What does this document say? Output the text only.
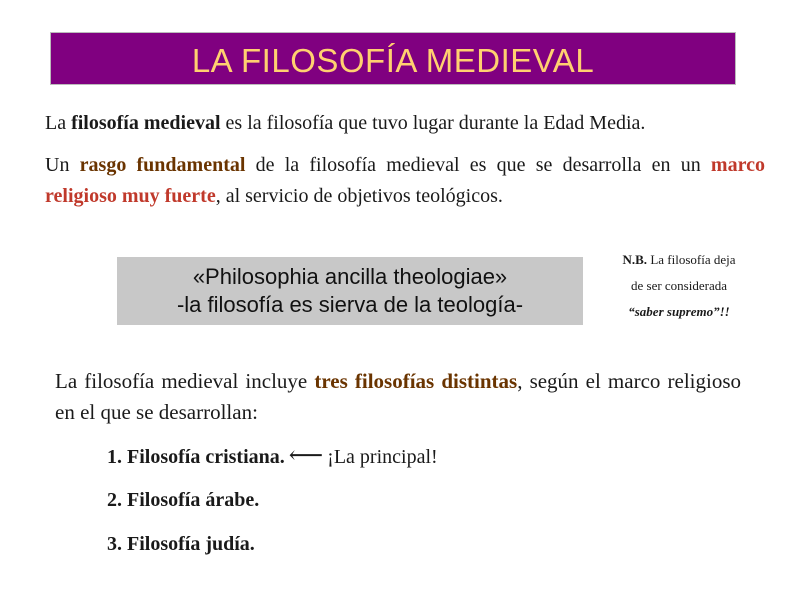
LA FILOSOFÍA MEDIEVAL

La filosofía medieval es la filosofía que tuvo lugar durante la Edad Media.

Un rasgo fundamental de la filosofía medieval es que se desarrolla en un marco religioso muy fuerte, al servicio de objetivos teológicos.

«Philosophia ancilla theologiae»
-la filosofía es sierva de la teología-
N.B. La filosofía deja
de ser considerada
“saber supremo”!!

La filosofía medieval incluye tres filosofías distintas, según el marco religioso en el que se desarrollan:

1. Filosofía cristiana. ⟵ ¡La principal!
2. Filosofía árabe.
3. Filosofía judía.
